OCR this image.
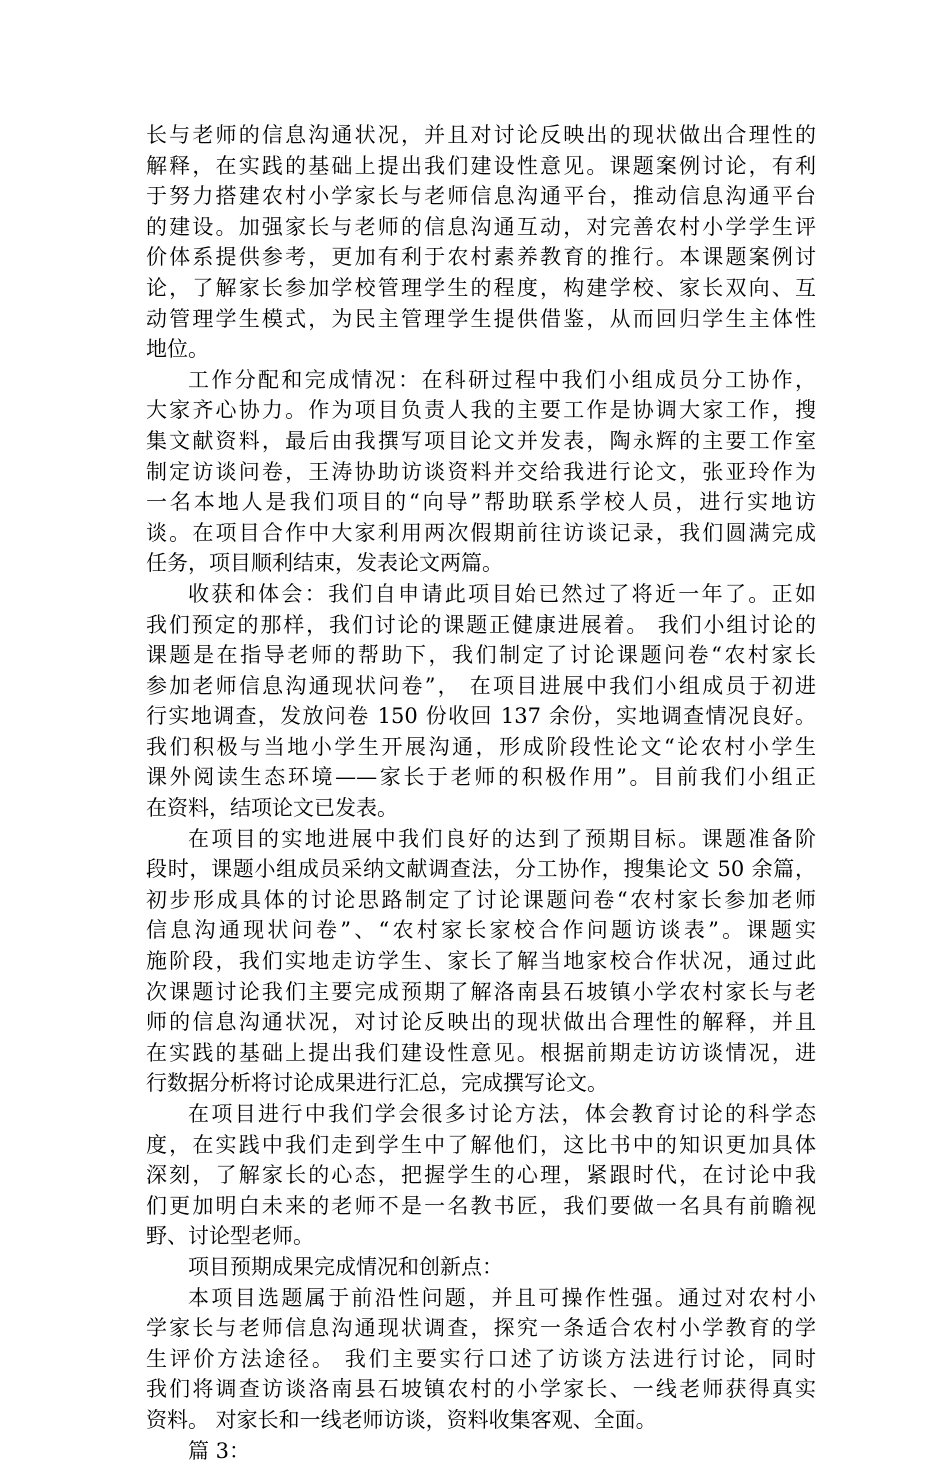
长与老师的信息沟通状况，并且对讨论反映出的现状做出合理性的
解释，在实践的基础上提出我们建设性意见。课题案例讨论，有利
于努力搭建农村小学家长与老师信息沟通平台，推动信息沟通平台
的建设。加强家长与老师的信息沟通互动，对完善农村小学学生评
价体系提供参考，更加有利于农村素养教育的推行。本课题案例讨
论，了解家长参加学校管理学生的程度，构建学校、家长双向、互
动管理学生模式，为民主管理学生提供借鉴，从而回归学生主体性
地位。
工作分配和完成情况：在科研过程中我们小组成员分工协作，
大家齐心协力。作为项目负责人我的主要工作是协调大家工作，搜
集文献资料，最后由我撰写项目论文并发表，陶永辉的主要工作室
制定访谈问卷，王涛协助访谈资料并交给我进行论文，张亚玲作为
一名本地人是我们项目的“向导”帮助联系学校人员，进行实地访
谈。在项目合作中大家利用两次假期前往访谈记录，我们圆满完成
任务，项目顺利结束，发表论文两篇。
收获和体会：我们自申请此项目始已然过了将近一年了。正如
我们预定的那样，我们讨论的课题正健康进展着。 我们小组讨论的
课题是在指导老师的帮助下，我们制定了讨论课题问卷“农村家长
参加老师信息沟通现状问卷”， 在项目进展中我们小组成员于初进
行实地调查，发放问卷 150 份收回 137 余份，实地调查情况良好。
我们积极与当地小学生开展沟通，形成阶段性论文“论农村小学生
课外阅读生态环境——家长于老师的积极作用”。目前我们小组正
在资料，结项论文已发表。
在项目的实地进展中我们良好的达到了预期目标。课题准备阶
段时，课题小组成员采纳文献调查法，分工协作，搜集论文 50 余篇，
初步形成具体的讨论思路制定了讨论课题问卷“农村家长参加老师
信息沟通现状问卷”、“农村家长家校合作问题访谈表”。课题实
施阶段，我们实地走访学生、家长了解当地家校合作状况，通过此
次课题讨论我们主要完成预期了解洛南县石坡镇小学农村家长与老
师的信息沟通状况，对讨论反映出的现状做出合理性的解释，并且
在实践的基础上提出我们建设性意见。根据前期走访访谈情况，进
行数据分析将讨论成果进行汇总，完成撰写论文。
在项目进行中我们学会很多讨论方法，体会教育讨论的科学态
度，在实践中我们走到学生中了解他们，这比书中的知识更加具体
深刻，了解家长的心态，把握学生的心理，紧跟时代，在讨论中我
们更加明白未来的老师不是一名教书匠，我们要做一名具有前瞻视
野、讨论型老师。
项目预期成果完成情况和创新点：
本项目选题属于前沿性问题，并且可操作性强。通过对农村小
学家长与老师信息沟通现状调查，探究一条适合农村小学教育的学
生评价方法途径。 我们主要实行口述了访谈方法进行讨论，同时
我们将调查访谈洛南县石坡镇农村的小学家长、一线老师获得真实
资料。 对家长和一线老师访谈，资料收集客观、全面。
篇 3：
